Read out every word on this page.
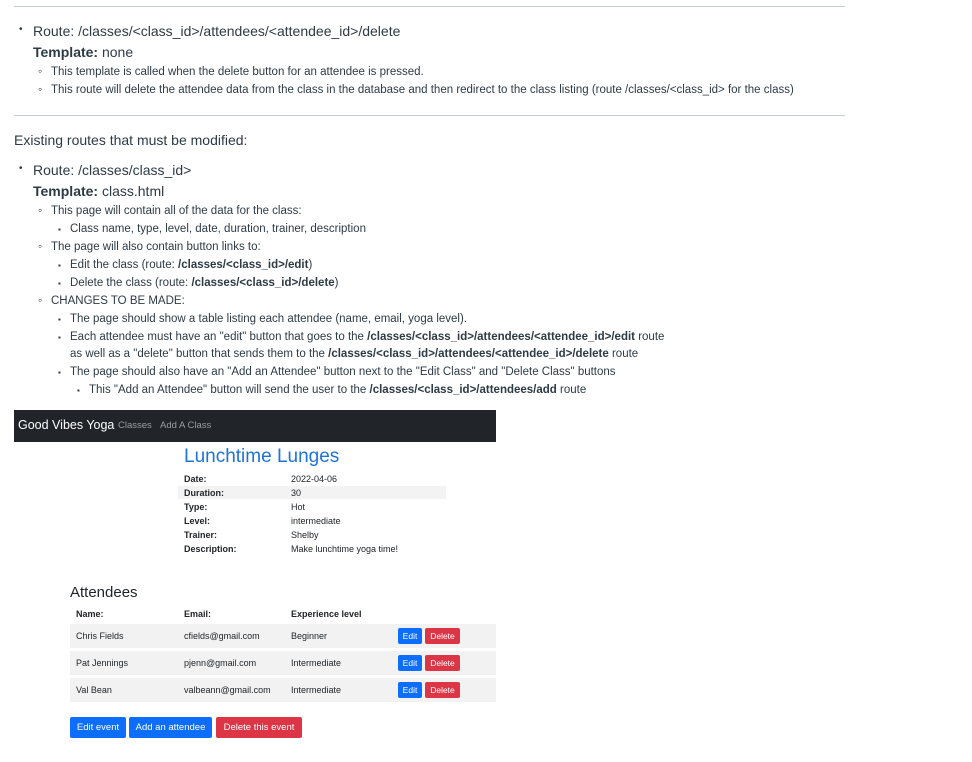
• Route: /classes/<class_id>/attendees/<attendee_id>/delete
Template: none
◦ This template is called when the delete button for an attendee is pressed.
◦ This route will delete the attendee data from the class in the database and then redirect to the class listing (route /classes/<class_id> for the class)
Existing routes that must be modified:
• Route: /classes/class_id>
Template: class.html
◦ This page will contain all of the data for the class:
▪ Class name, type, level, date, duration, trainer, description
◦ The page will also contain button links to:
▪ Edit the class (route: /classes/<class_id>/edit)
▪ Delete the class (route: /classes/<class_id>/delete)
◦ CHANGES TO BE MADE:
▪ The page should show a table listing each attendee (name, email, yoga level).
▪ Each attendee must have an "edit" button that goes to the /classes/<class_id>/attendees/<attendee_id>/edit route
as well as a "delete" button that sends them to the /classes/<class_id>/attendees/<attendee_id>/delete route
▪ The page should also have an "Add an Attendee" button next to the "Edit Class" and "Delete Class" buttons
▪ This "Add an Attendee" button will send the user to the /classes/<class_id>/attendees/add route
Good Vibes Yoga Classes Add A Class
Lunchtime Lunges
Date:	2022-04-06
Duration:	30
Type:	Hot
Level:	intermediate
Trainer:	Shelby
Description:	Make lunchtime yoga time!
Attendees
Name:	Email:	Experience level
Chris Fields	cfields@gmail.com	Beginner	Edit	Delete
Pat Jennings	pjenn@gmail.com	Intermediate	Edit	Delete
Val Bean	valbeann@gmail.com Intermediate	Edit	Delete
Edit event	Add an attendee	Delete this event
